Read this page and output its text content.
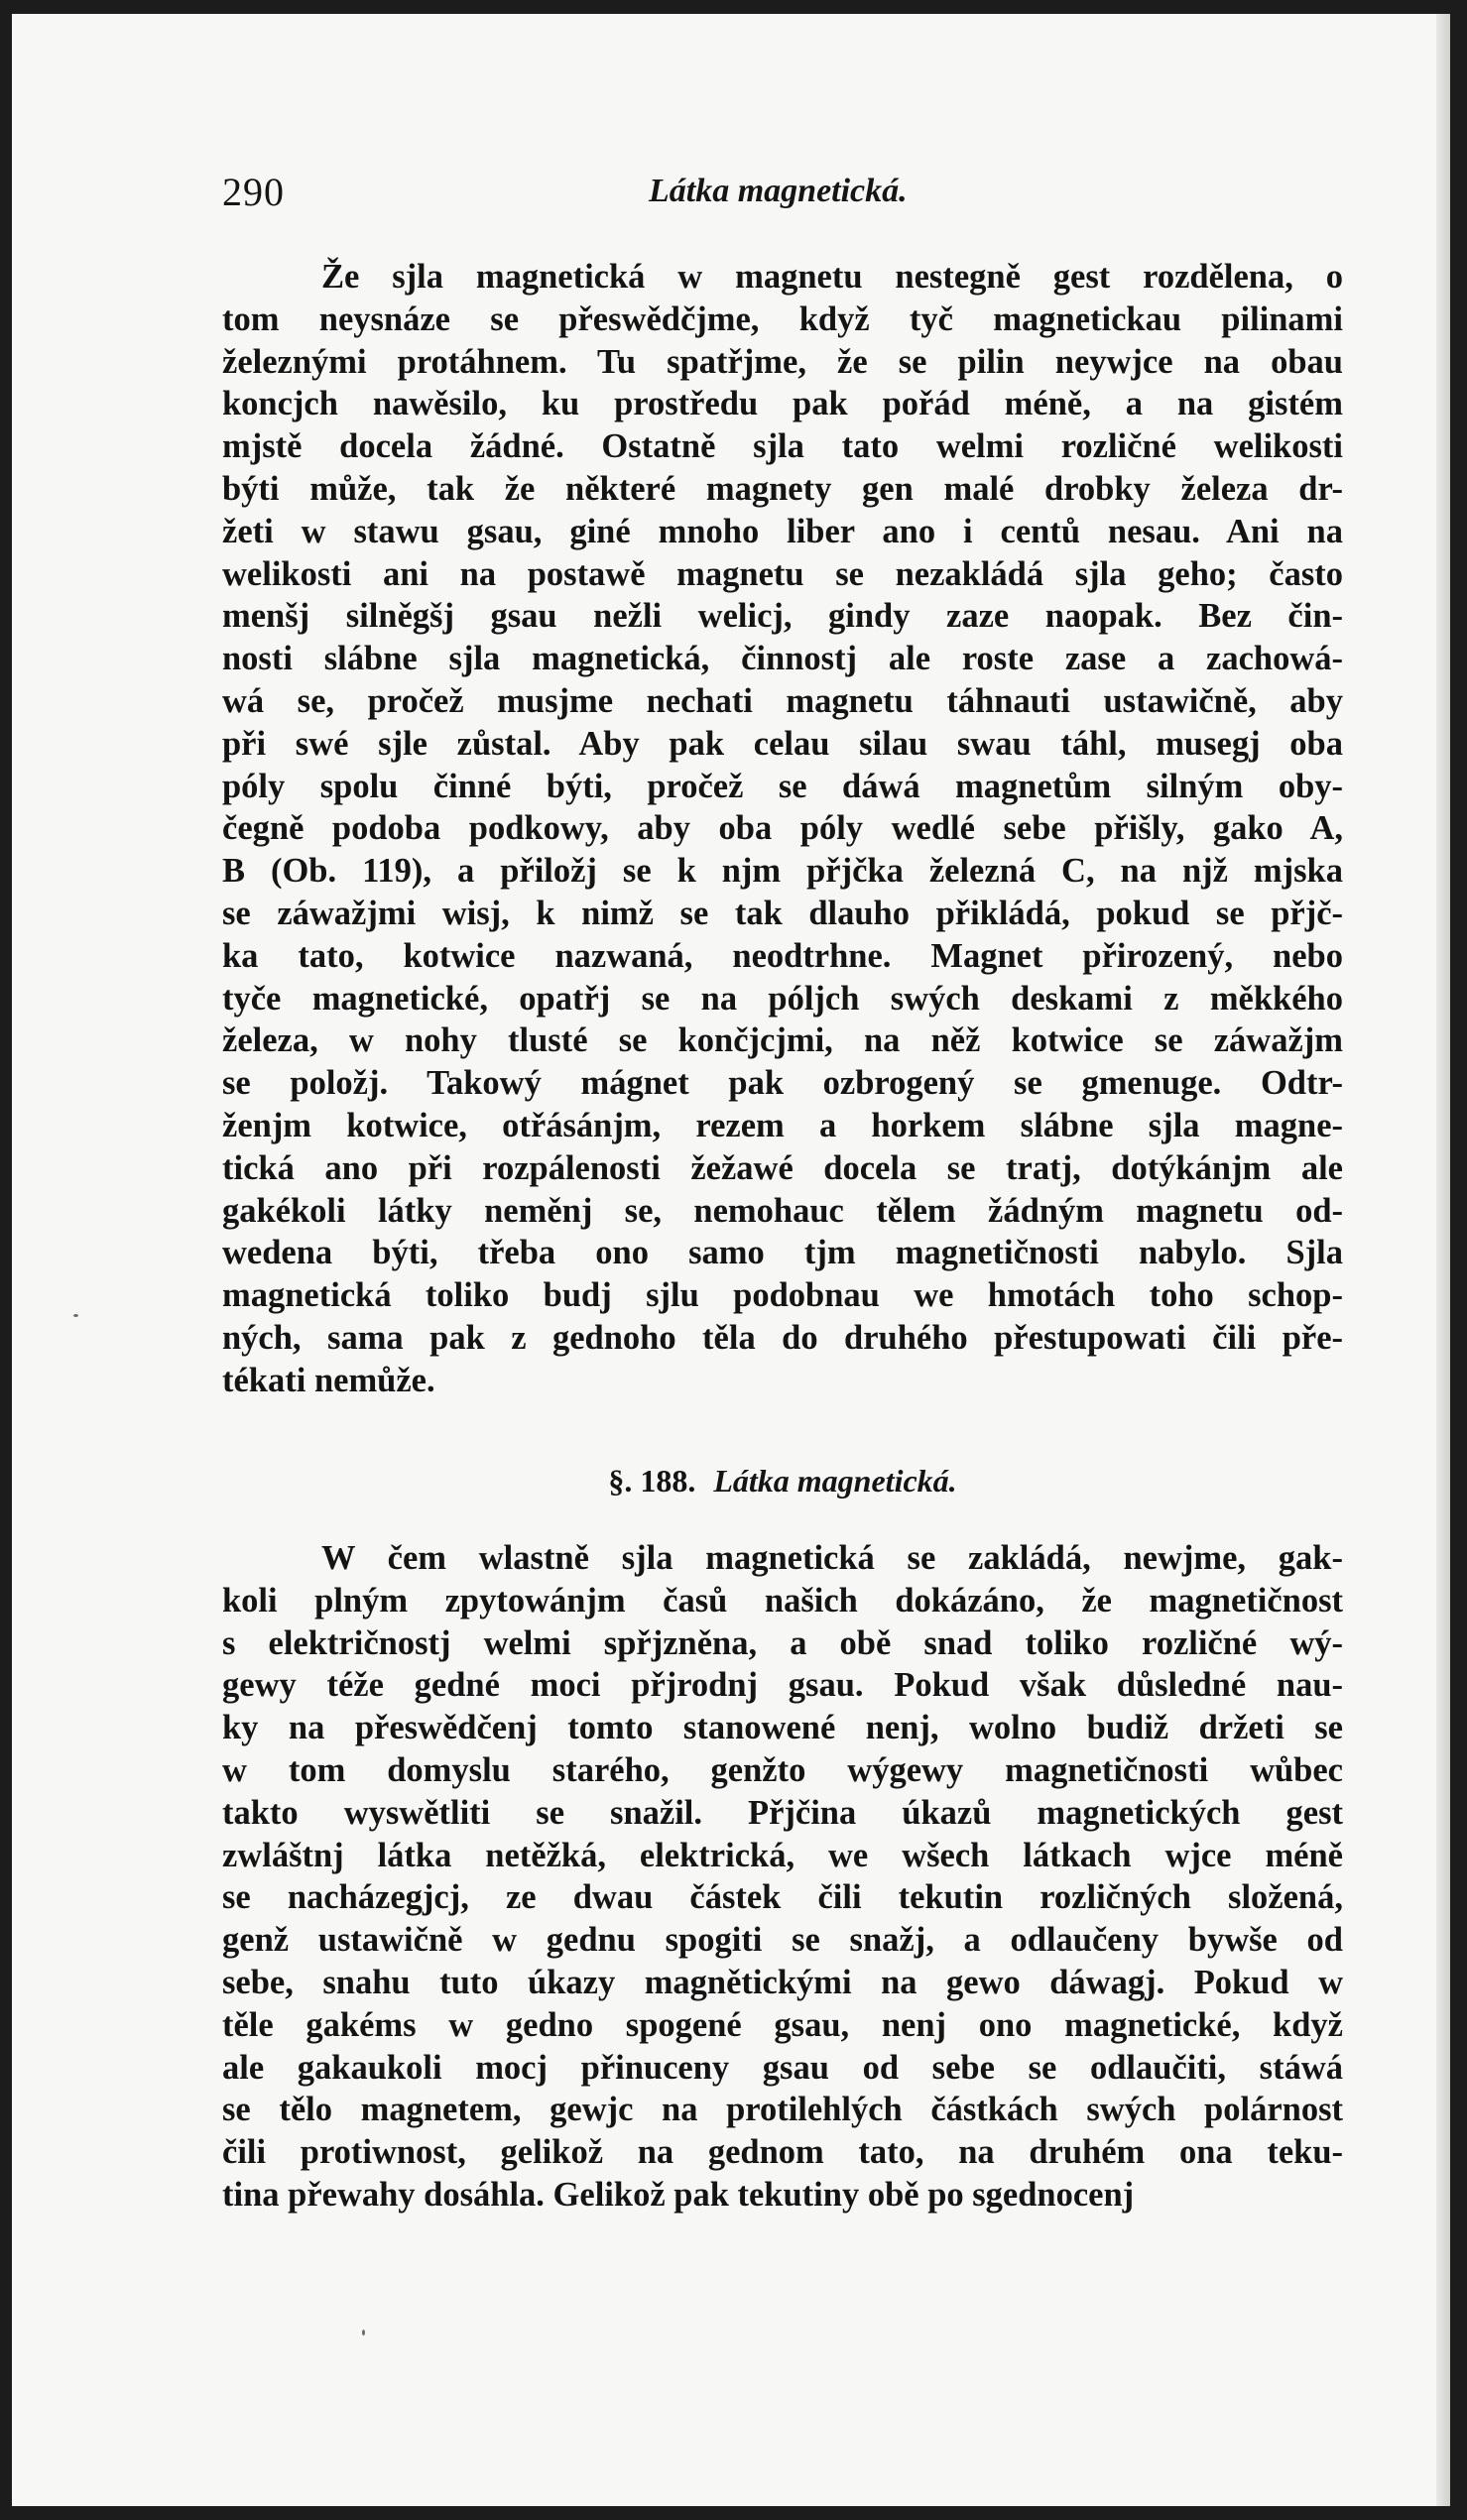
290	Látka magnetická.
Že sjla magnetická w magnetu nestegně gest rozdělena, o
tom neysnáze se přeswědčjme, když tyč magnetickau pilinami
železnými protáhnem. Tu spatřjme, že se pilin neywjce na obau
koncjch nawěsilo, ku prostředu pak pořád méně, a na gistém
mjstě docela žádné. Ostatně sjla tato welmi rozličné welikosti
býti může, tak že některé magnety gen malé drobky železa dr-
žeti w stawu gsau, giné mnoho liber ano i centů nesau. Ani na
welikosti ani na postawě magnetu se nezakládá sjla geho; často
menšj silněgšj gsau nežli welicj, gindy zaze naopak. Bez čin-
nosti slábne sjla magnetická, činnostj ale roste zase a zachowá-
wá se, pročež musjme nechati magnetu táhnauti ustawičně, aby
při swé sjle zůstal. Aby pak celau silau swau táhl, musegj oba
póly spolu činné býti, pročež se dáwá magnetům silným oby-
čegně podoba podkowy, aby oba póly wedlé sebe přišly, gako A,
B (Ob. 119), a přiložj se k njm přjčka železná C, na njž mjska
se záwažjmi wisj, k nimž se tak dlauho přikládá, pokud se přjč-
ka tato, kotwice nazwaná, neodtrhne. Magnet přirozený, nebo
tyče magnetické, opatřj se na póljch swých deskami z měkkého
železa, w nohy tlusté se končjcjmi, na něž kotwice se záwažjm
se položj. Takowý mágnet pak ozbrogený se gmenuge. Odtr-
ženjm kotwice, otřásánjm, rezem a horkem slábne sjla magne-
tická ano při rozpálenosti žežawé docela se tratj, dotýkánjm ale
gakékoli látky neměnj se, nemohauc tělem žádným magnetu od-
wedena býti, třeba ono samo tjm magnetičnosti nabylo. Sjla
magnetická toliko budj sjlu podobnau we hmotách toho schop-
ných, sama pak z gednoho těla do druhého přestupowati čili pře-
tékati nemůže.
§. 188. Látka magnetická.
W čem wlastně sjla magnetická se zakládá, newjme, gak-
koli plným zpytowánjm časů našich dokázáno, že magnetičnost
s električnostj welmi spřjzněna, a obě snad toliko rozličné wý-
gewy téže gedné moci přjrodnj gsau. Pokud však důsledné nau-
ky na přeswědčenj tomto stanowené nenj, wolno budiž držeti se
w tom domyslu starého, genžto wýgewy magnetičnosti wůbec
takto wyswětliti se snažil. Přjčina úkazů magnetických gest
zwláštnj látka netěžká, elektrická, we wšech látkach wjce méně
se nacházegjcj, ze dwau částek čili tekutin rozličných složená,
genž ustawičně w gednu spogiti se snažj, a odlaučeny bywše od
sebe, snahu tuto úkazy magnětickými na gewo dáwagj. Pokud w
těle gakéms w gedno spogené gsau, nenj ono magnetické, když
ale gakaukoli mocj přinuceny gsau od sebe se odlaučiti, stáwá
se tělo magnetem, gewjc na protilehlých částkách swých polárnost
čili protiwnost, gelikož na gednom tato, na druhém ona teku-
tina přewahy dosáhla. Gelikož pak tekutiny obě po sgednocenj
